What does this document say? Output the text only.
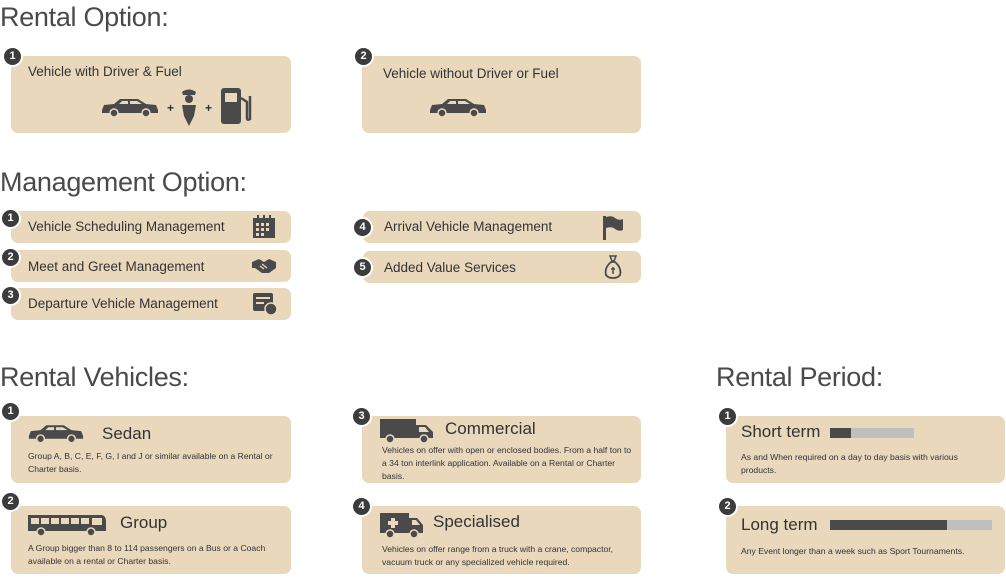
Rental Option:
Vehicle with Driver & Fuel
+	+
1
Vehicle without Driver or Fuel
2
Management Option:
Vehicle Scheduling Management
1
Meet and Greet Management
2
Departure Vehicle Management
3
Arrival Vehicle Management
4
Added Value Services
5
Rental Vehicles:
Sedan
Group A, B, C, E, F, G, I and J or similar available on a Rental or Charter basis.
1
Group
A Group bigger than 8 to 114 passengers on a Bus or a Coach available on a rental or Charter basis.
2
Commercial
Vehicles on offer with open or enclosed bodies. From a half ton to a 34 ton interlink application. Available on a Rental or Charter basis.
3
Specialised
Vehicles on offer range from a truck with a crane, compactor, vacuum truck or any specialized vehicle required.
4
Rental Period:
Short term
As and When required on a day to day basis with various products.
1
Long term
Any Event longer than a week such as Sport Tournaments.
2
